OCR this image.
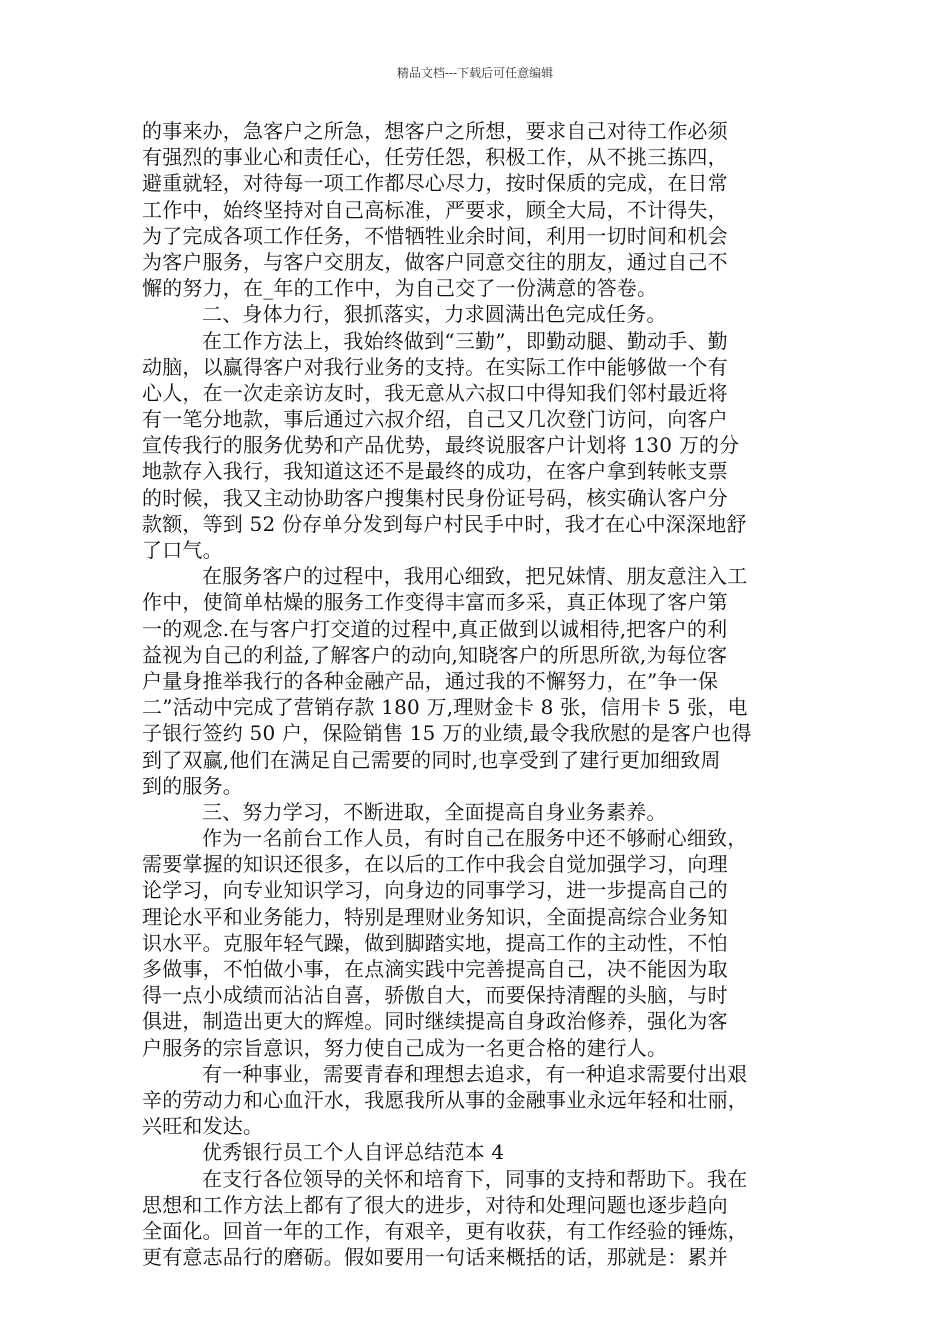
精品文档---下载后可任意编辑
的事来办，急客户之所急，想客户之所想，要求自己对待工作必须
有强烈的事业心和责任心，任劳任怨，积极工作，从不挑三拣四，
避重就轻，对待每一项工作都尽心尽力，按时保质的完成，在日常
工作中，始终坚持对自己高标准，严要求，顾全大局，不计得失，
为了完成各项工作任务，不惜牺牲业余时间，利用一切时间和机会
为客户服务，与客户交朋友，做客户同意交往的朋友，通过自己不
懈的努力，在_年的工作中，为自己交了一份满意的答卷。
二、身体力行，狠抓落实，力求圆满出色完成任务。
在工作方法上，我始终做到“三勤”，即勤动腿、勤动手、勤
动脑，以赢得客户对我行业务的支持。在实际工作中能够做一个有
心人，在一次走亲访友时，我无意从六叔口中得知我们邻村最近将
有一笔分地款，事后通过六叔介绍，自己又几次登门访问，向客户
宣传我行的服务优势和产品优势，最终说服客户计划将 130 万的分
地款存入我行，我知道这还不是最终的成功，在客户拿到转帐支票
的时候，我又主动协助客户搜集村民身份证号码，核实确认客户分
款额，等到 52 份存单分发到每户村民手中时，我才在心中深深地舒
了口气。
在服务客户的过程中，我用心细致，把兄妹情、朋友意注入工
作中，使简单枯燥的服务工作变得丰富而多采，真正体现了客户第
一的观念.在与客户打交道的过程中,真正做到以诚相待,把客户的利
益视为自己的利益,了解客户的动向,知晓客户的所思所欲,为每位客
户量身推举我行的各种金融产品，通过我的不懈努力，在”争一保
二”活动中完成了营销存款 180 万,理财金卡 8 张，信用卡 5 张，电
子银行签约 50 户，保险销售 15 万的业绩,最令我欣慰的是客户也得
到了双赢,他们在满足自己需要的同时,也享受到了建行更加细致周
到的服务。
三、努力学习，不断进取，全面提高自身业务素养。
作为一名前台工作人员，有时自己在服务中还不够耐心细致，
需要掌握的知识还很多，在以后的工作中我会自觉加强学习，向理
论学习，向专业知识学习，向身边的同事学习，进一步提高自己的
理论水平和业务能力，特别是理财业务知识，全面提高综合业务知
识水平。克服年轻气躁，做到脚踏实地，提高工作的主动性，不怕
多做事，不怕做小事，在点滴实践中完善提高自己，决不能因为取
得一点小成绩而沾沾自喜，骄傲自大，而要保持清醒的头脑，与时
俱进，制造出更大的辉煌。同时继续提高自身政治修养，强化为客
户服务的宗旨意识，努力使自己成为一名更合格的建行人。
有一种事业，需要青春和理想去追求，有一种追求需要付出艰
辛的劳动力和心血汗水，我愿我所从事的金融事业永远年轻和壮丽，
兴旺和发达。
优秀银行员工个人自评总结范本 4
在支行各位领导的关怀和培育下，同事的支持和帮助下。我在
思想和工作方法上都有了很大的进步，对待和处理问题也逐步趋向
全面化。回首一年的工作，有艰辛，更有收获，有工作经验的锤炼，
更有意志品行的磨砺。假如要用一句话来概括的话，那就是：累并
